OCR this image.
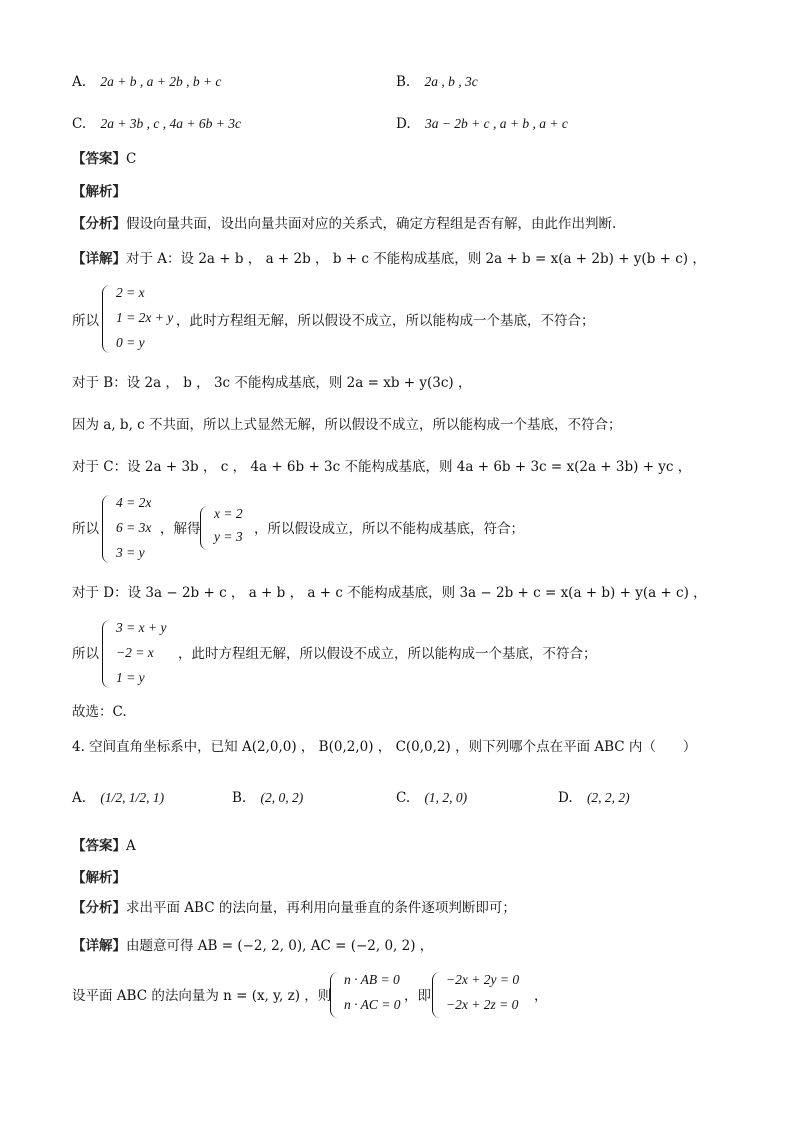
A. 2a + b , a + 2b , b + c	B. 2a , b , 3c
C. 2a + 3b , c , 4a + 6b + 3c	D. 3a − 2b + c , a + b , a + c
【答案】C
【解析】
【分析】假设向量共面，设出向量共面对应的关系式，确定方程组是否有解，由此作出判断.
【详解】对于 A：设 2a + b ， a + 2b ， b + c 不能构成基底，则 2a + b = x(a + 2b) + y(b + c) ，
所以
2 = x
1 = 2x + y
0 = y
，此时方程组无解，所以假设不成立，所以能构成一个基底，不符合；
对于 B：设 2a ， b ， 3c 不能构成基底，则 2a = xb + y(3c) ，
因为 a, b, c 不共面，所以上式显然无解，所以假设不成立，所以能构成一个基底，不符合；
对于 C：设 2a + 3b ， c ， 4a + 6b + 3c 不能构成基底，则 4a + 6b + 3c = x(2a + 3b) + yc ，
所以
4 = 2x
6 = 3x
3 = y
，解得
x = 2
y = 3 ，所以假设成立，所以不能构成基底，符合；
对于 D：设 3a − 2b + c ， a + b ， a + c 不能构成基底，则 3a − 2b + c = x(a + b) + y(a + c) ，
所以
3 = x + y
−2 = x
1 = y
，此时方程组无解，所以假设不成立，所以能构成一个基底，不符合；
故选：C.
4. 空间直角坐标系中，已知 A(2,0,0) ， B(0,2,0) ， C(0,0,2) ，则下列哪个点在平面 ABC 内（　　）
A. (1/2, 1/2, 1)	B. (2, 0, 2)	C. (1, 2, 0)	D. (2, 2, 2)
【答案】A
【解析】
【分析】求出平面 ABC 的法向量，再利用向量垂直的条件逐项判断即可；
【详解】由题意可得 AB = (−2, 2, 0), AC = (−2, 0, 2) ，
设平面 ABC 的法向量为 n = (x, y, z) ，则
n · AB = 0
n · AC = 0
，即
−2x + 2y = 0
−2x + 2z = 0
，
